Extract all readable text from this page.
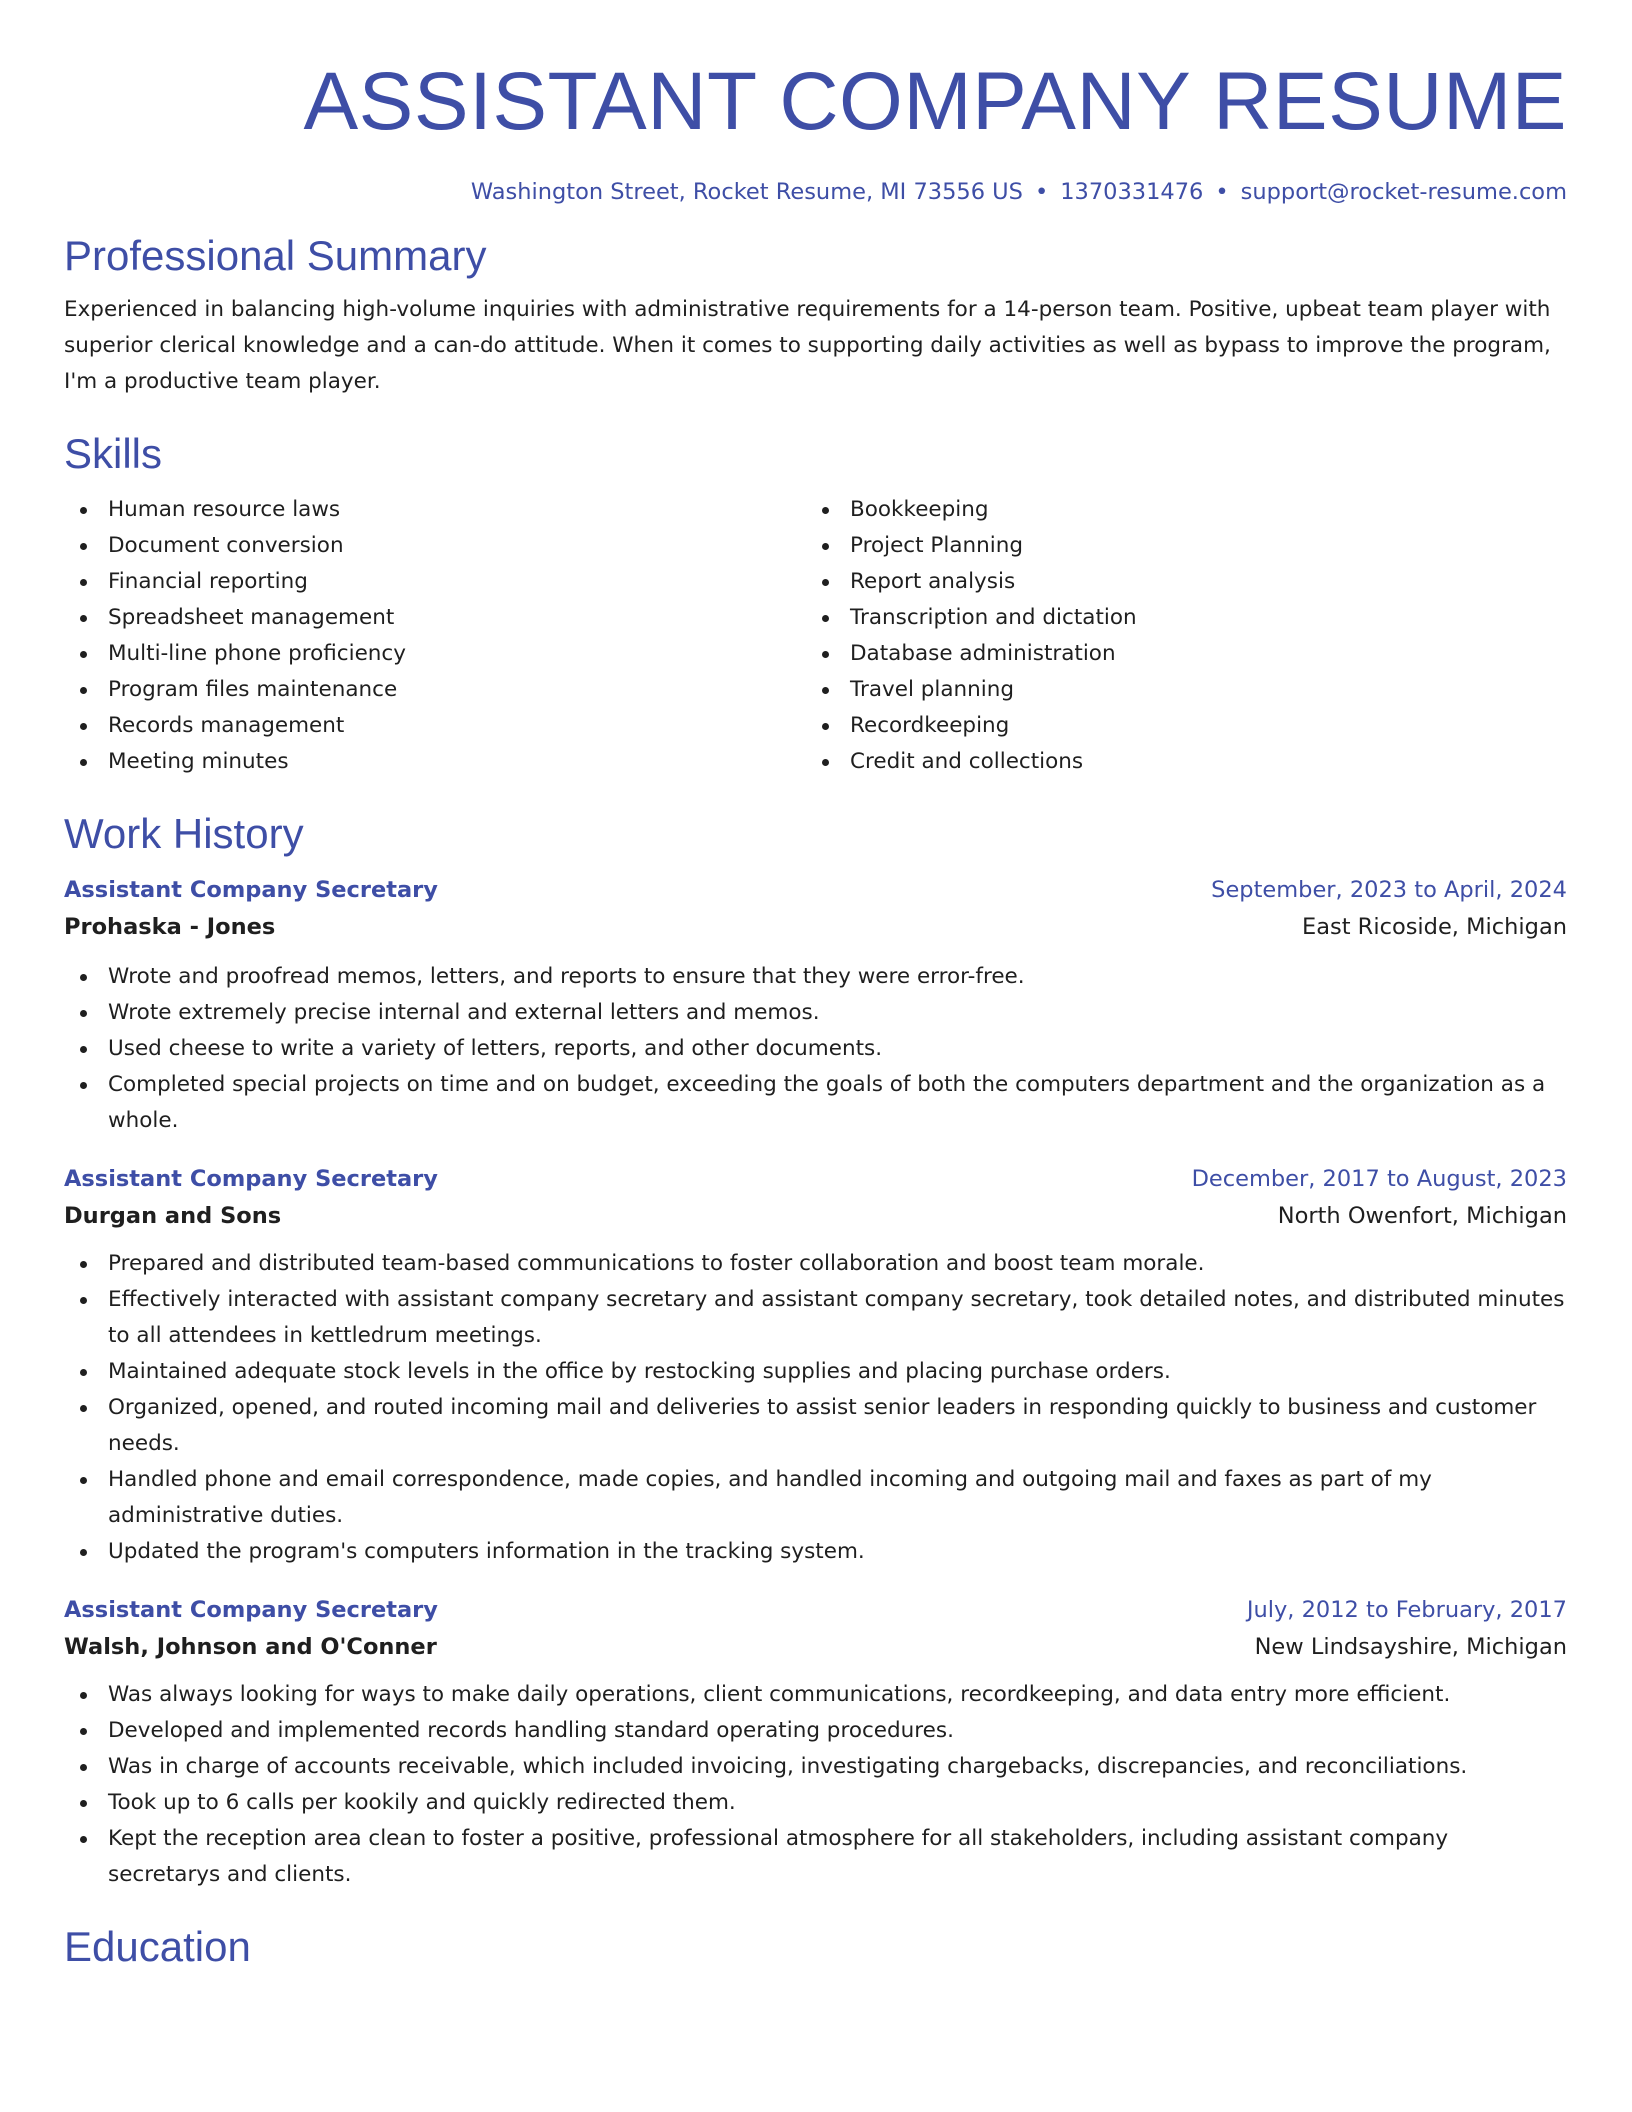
ASSISTANT COMPANY RESUME
Washington Street, Rocket Resume, MI 73556 US • 1370331476 • support@rocket-resume.com
Professional Summary
Experienced in balancing high-volume inquiries with administrative requirements for a 14-person team. Positive, upbeat team player with superior clerical knowledge and a can-do attitude. When it comes to supporting daily activities as well as bypass to improve the program, I'm a productive team player.
Skills
Human resource laws
Document conversion
Financial reporting
Spreadsheet management
Multi-line phone proficiency
Program files maintenance
Records management
Meeting minutes
Bookkeeping
Project Planning
Report analysis
Transcription and dictation
Database administration
Travel planning
Recordkeeping
Credit and collections
Work History
Assistant Company Secretary	September, 2023 to April, 2024
Prohaska - Jones	East Ricoside, Michigan
Wrote and proofread memos, letters, and reports to ensure that they were error-free.
Wrote extremely precise internal and external letters and memos.
Used cheese to write a variety of letters, reports, and other documents.
Completed special projects on time and on budget, exceeding the goals of both the computers department and the organization as a whole.
Assistant Company Secretary	December, 2017 to August, 2023
Durgan and Sons	North Owenfort, Michigan
Prepared and distributed team-based communications to foster collaboration and boost team morale.
Effectively interacted with assistant company secretary and assistant company secretary, took detailed notes, and distributed minutes to all attendees in kettledrum meetings.
Maintained adequate stock levels in the office by restocking supplies and placing purchase orders.
Organized, opened, and routed incoming mail and deliveries to assist senior leaders in responding quickly to business and customer needs.
Handled phone and email correspondence, made copies, and handled incoming and outgoing mail and faxes as part of my administrative duties.
Updated the program's computers information in the tracking system.
Assistant Company Secretary	July, 2012 to February, 2017
Walsh, Johnson and O'Conner	New Lindsayshire, Michigan
Was always looking for ways to make daily operations, client communications, recordkeeping, and data entry more efficient.
Developed and implemented records handling standard operating procedures.
Was in charge of accounts receivable, which included invoicing, investigating chargebacks, discrepancies, and reconciliations.
Took up to 6 calls per kookily and quickly redirected them.
Kept the reception area clean to foster a positive, professional atmosphere for all stakeholders, including assistant company secretarys and clients.
Education
